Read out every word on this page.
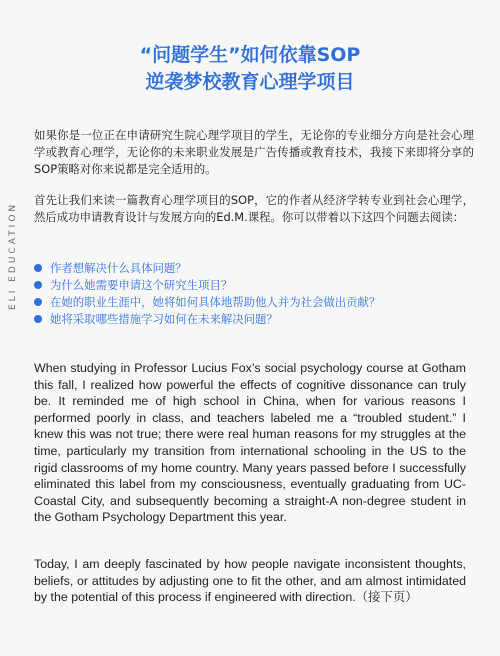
ELI EDUCATION
“问题学生”如何依靠SOP
逆袭梦校教育心理学项目
如果你是一位正在申请研究生院心理学项目的学生，无论你的专业细分方向是社会心理学或教育心理学，无论你的未来职业发展是广告传播或教育技术，我接下来即将分享的SOP策略对你来说都是完全适用的。
首先让我们来读一篇教育心理学项目的SOP，它的作者从经济学转专业到社会心理学，然后成功申请教育设计与发展方向的Ed.M.课程。你可以带着以下这四个问题去阅读：
作者想解决什么具体问题？
为什么她需要申请这个研究生项目？
在她的职业生涯中，她将如何具体地帮助他人并为社会做出贡献？
她将采取哪些措施学习如何在未来解决问题？
When studying in Professor Lucius Fox’s social psychology course at Gotham this fall, I realized how powerful the effects of cognitive dissonance can truly be. It reminded me of high school in China, when for various reasons I performed poorly in class, and teachers labeled me a “troubled student.” I knew this was not true; there were real human reasons for my struggles at the time, particularly my transition from international schooling in the US to the rigid classrooms of my home country. Many years passed before I successfully eliminated this label from my consciousness, eventually graduating from UC-Coastal City, and subsequently becoming a straight-A non-degree student in the Gotham Psychology Department this year.
Today, I am deeply fascinated by how people navigate inconsistent thoughts, beliefs, or attitudes by adjusting one to fit the other, and am almost intimidated by the potential of this process if engineered with direction.（接下页）
